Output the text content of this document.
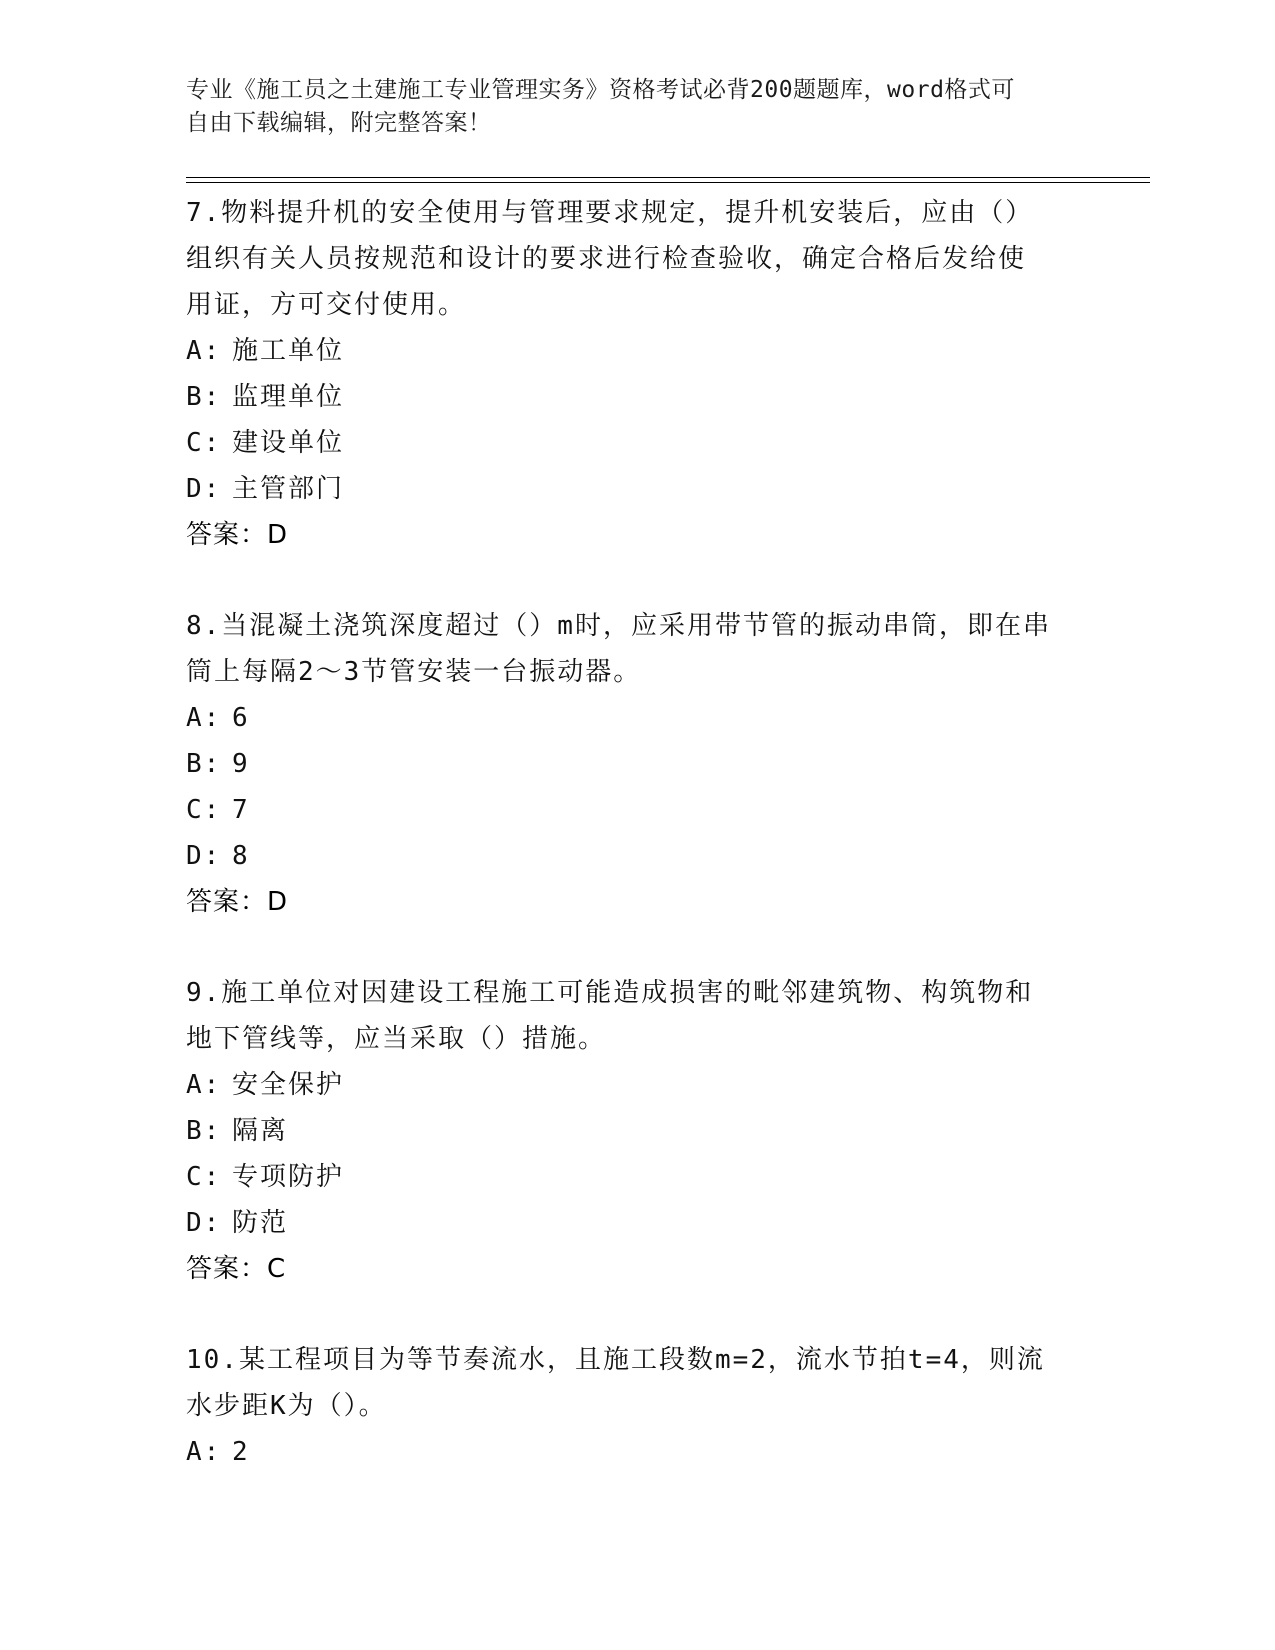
专业《施工员之土建施工专业管理实务》资格考试必背200题题库，word格式可
自由下载编辑，附完整答案！
7.物料提升机的安全使用与管理要求规定，提升机安装后，应由（）
组织有关人员按规范和设计的要求进行检查验收，确定合格后发给使
用证，方可交付使用。
A: 施工单位
B: 监理单位
C: 建设单位
D: 主管部门
答案：D
8.当混凝土浇筑深度超过（）m时，应采用带节管的振动串筒，即在串
筒上每隔2～3节管安装一台振动器。
A: 6
B: 9
C: 7
D: 8
答案：D
9.施工单位对因建设工程施工可能造成损害的毗邻建筑物、构筑物和
地下管线等，应当采取（）措施。
A: 安全保护
B: 隔离
C: 专项防护
D: 防范
答案：C
10.某工程项目为等节奏流水，且施工段数m=2，流水节拍t=4，则流
水步距K为（）。
A: 2
